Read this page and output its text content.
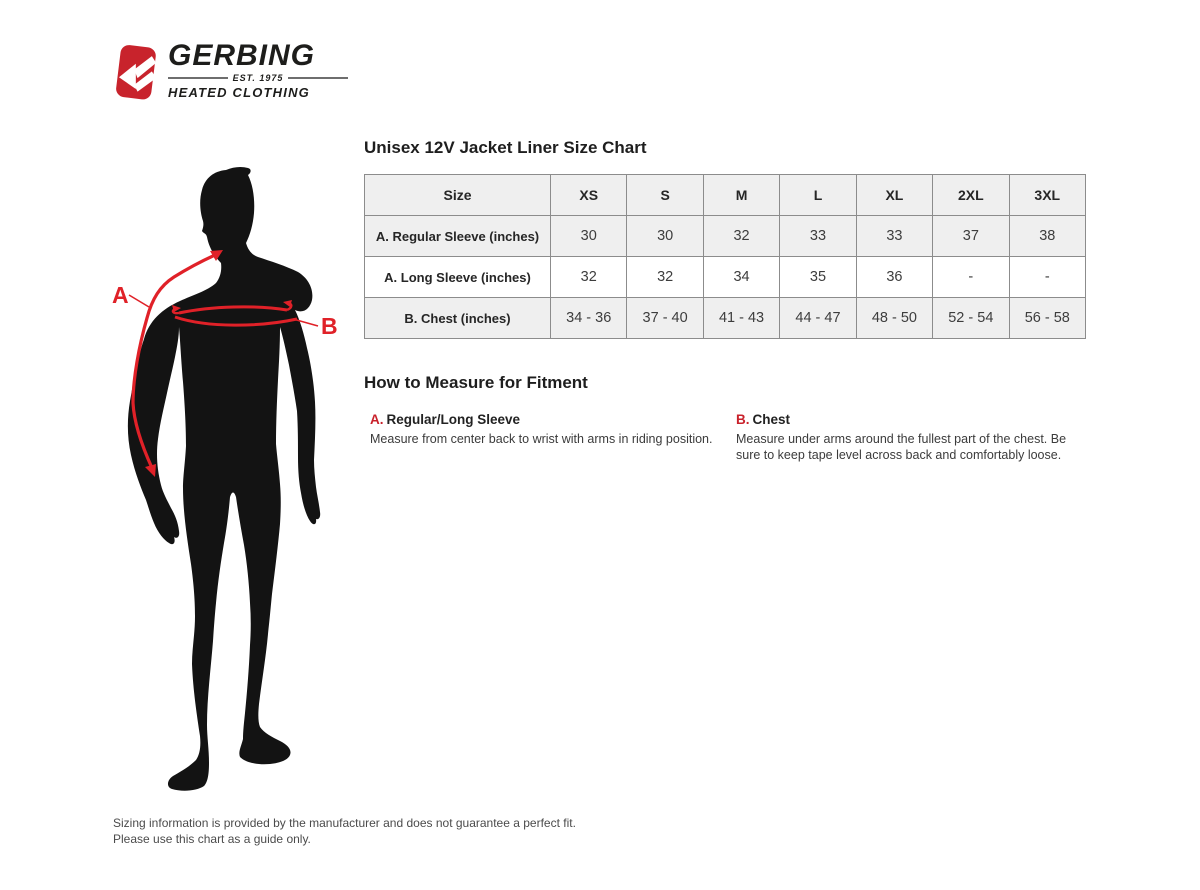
GERBING
EST. 1975
HEATED CLOTHING
A
B
Unisex 12V Jacket Liner Size Chart
Size	XS	S	M	L	XL	2XL	3XL
A. Regular Sleeve (inches)	30	30	32	33	33	37	38
A. Long Sleeve (inches)	32	32	34	35	36	-	-
B. Chest (inches)	34 - 36	37 - 40	41 - 43	44 - 47	48 - 50	52 - 54	56 - 58
How to Measure for Fitment
A. Regular/Long Sleeve
Measure from center back to wrist with arms in riding position.
B. Chest
Measure under arms around the fullest part of the chest. Be sure to keep tape level across back and comfortably loose.
Sizing information is provided by the manufacturer and does not guarantee a perfect fit.
Please use this chart as a guide only.
